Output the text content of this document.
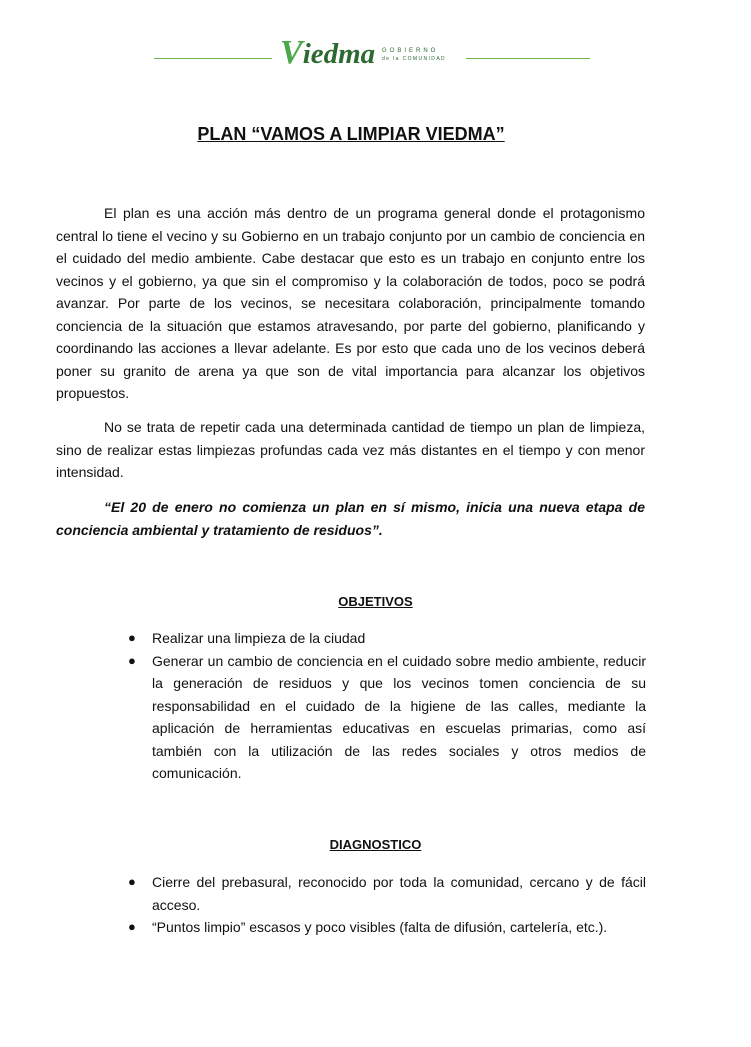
Viedma GOBIERNO
de la COMUNIDAD
PLAN “VAMOS A LIMPIAR VIEDMA”

El plan es una acción más dentro de un programa general donde el protagonismo central lo tiene el vecino y su Gobierno en un trabajo conjunto por un cambio de conciencia en el cuidado del medio ambiente. Cabe destacar que esto es un trabajo en conjunto entre los vecinos y el gobierno, ya que sin el compromiso y la colaboración de todos, poco se podrá avanzar. Por parte de los vecinos, se necesitara colaboración, principalmente tomando conciencia de la situación que estamos atravesando, por parte del gobierno, planificando y coordinando las acciones a llevar adelante. Es por esto que cada uno de los vecinos deberá poner su granito de arena ya que son de vital importancia para alcanzar los objetivos propuestos.

No se trata de repetir cada una determinada cantidad de tiempo un plan de limpieza, sino de realizar estas limpiezas profundas cada vez más distantes en el tiempo y con menor intensidad.

“El 20 de enero no comienza un plan en sí mismo, inicia una nueva etapa de conciencia ambiental y tratamiento de residuos”.

OBJETIVOS
● Realizar una limpieza de la ciudad
● Generar un cambio de conciencia en el cuidado sobre medio ambiente, reducir la generación de residuos y que los vecinos tomen conciencia de su responsabilidad en el cuidado de la higiene de las calles, mediante la aplicación de herramientas educativas en escuelas primarias, como así también con la utilización de las redes sociales y otros medios de comunicación.
DIAGNOSTICO
● Cierre del prebasural, reconocido por toda la comunidad, cercano y de fácil acceso.
● “Puntos limpio” escasos y poco visibles (falta de difusión, cartelería, etc.).
